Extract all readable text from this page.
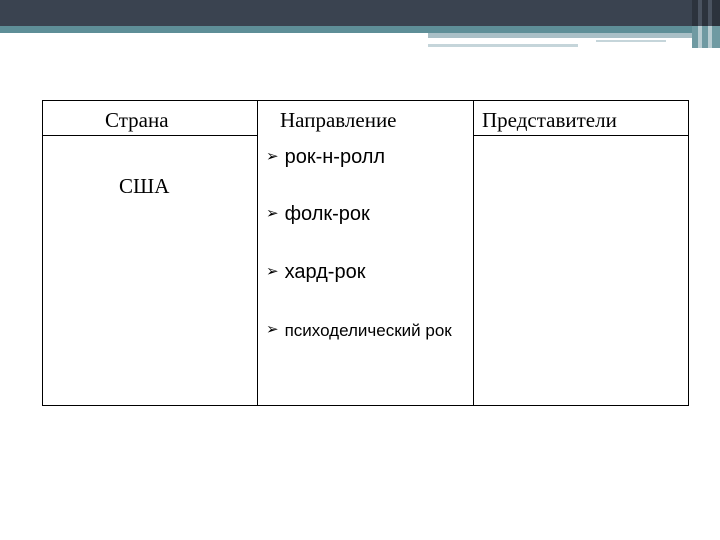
Страна	Направление	Представители
США
➢ рок-н-ролл
➢ фолк-рок
➢ хард-рок
➢ психоделический рок
